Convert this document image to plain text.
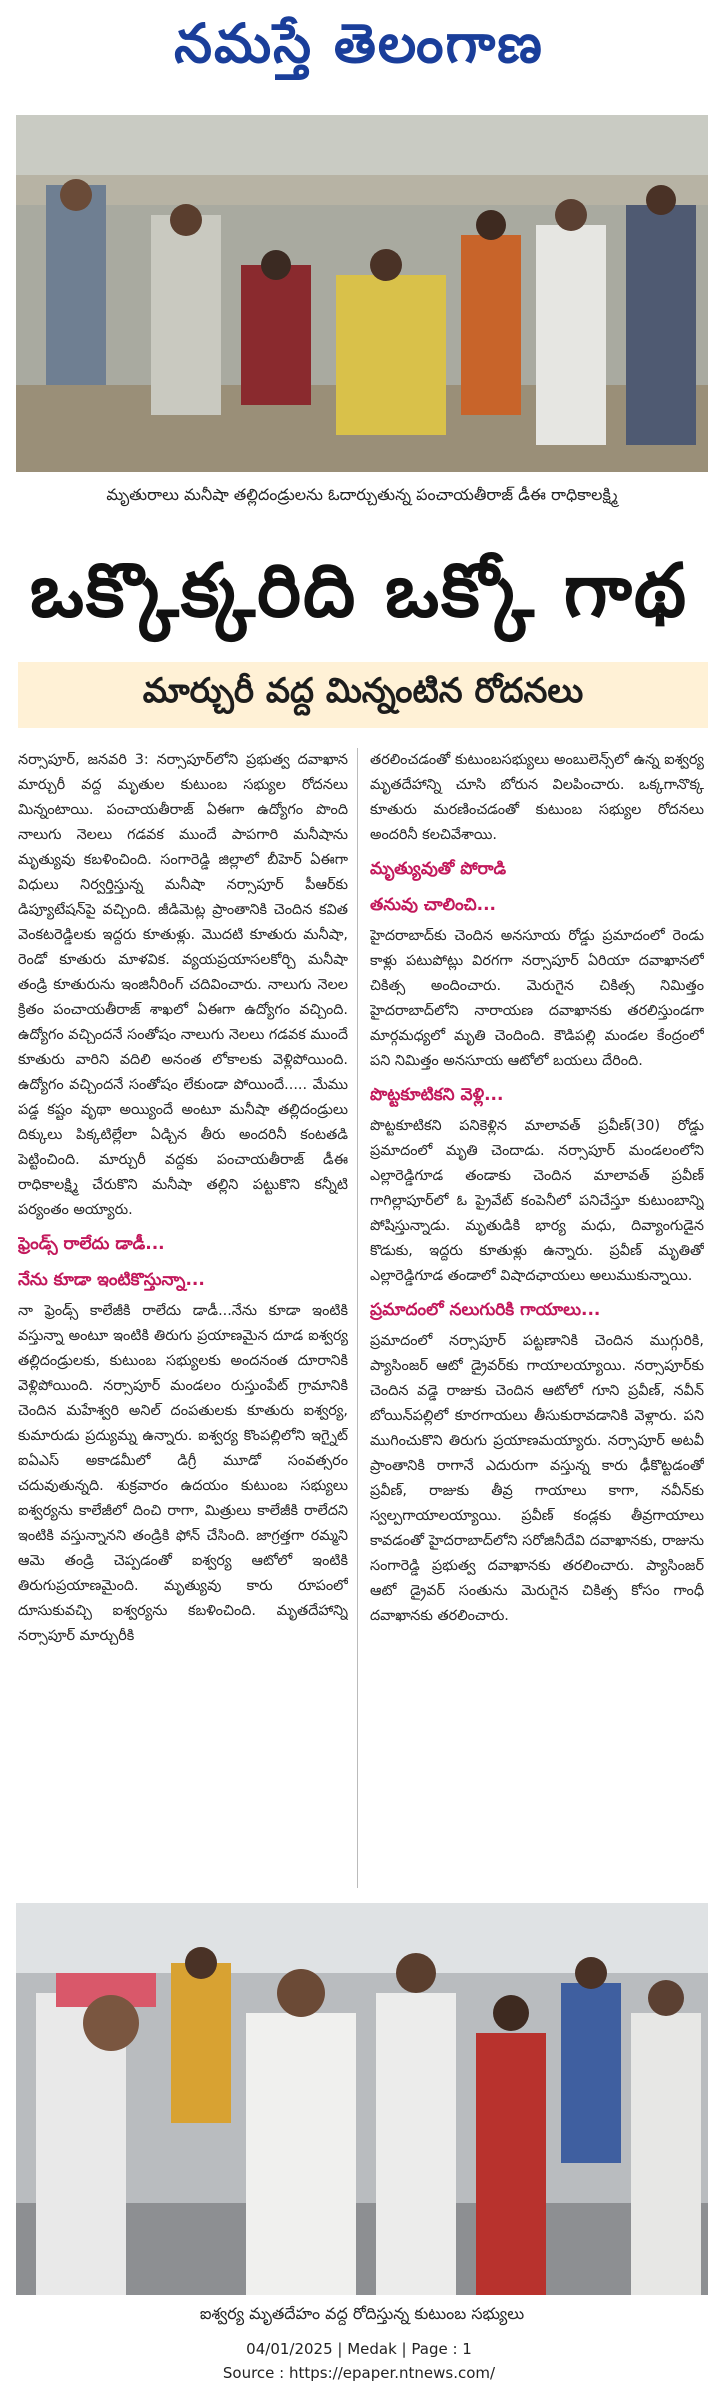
నమస్తే తెలంగాణ
మృతురాలు మనీషా తల్లిదండ్రులను ఓదార్చుతున్న పంచాయతీరాజ్ డీఈ రాధికాలక్ష్మి
ఒక్కొక్కరిది ఒక్కో గాథ
మార్చురీ వద్ద మిన్నంటిన రోదనలు

నర్సాపూర్, జనవరి 3: నర్సాపూర్‌లోని ప్రభుత్వ దవాఖాన మార్చురీ వద్ద మృతుల కుటుంబ సభ్యుల రోదనలు మిన్నంటాయి. పంచాయతీరాజ్ ఏఈగా ఉద్యోగం పొంది నాలుగు నెలలు గడవక ముందే పాపగారి మనీషాను మృత్యువు కబళించింది. సంగారెడ్డి జిల్లాలో బీహెర్ ఏఈగా విధులు నిర్వర్తిస్తున్న మనీషా నర్సాపూర్ పీఆర్‌కు డిప్యూటేషన్‌పై వచ్చింది. జీడిమెట్ల ప్రాంతానికి చెందిన కవిత వెంకటరెడ్డిలకు ఇద్దరు కూతుళ్లు. మొదటి కూతురు మనీషా, రెండో కూతురు మాళవిక. వ్యయప్రయాసలకోర్చి మనీషా తండ్రి కూతురును ఇంజినీరింగ్ చదివించారు. నాలుగు నెలల క్రితం పంచాయతీరాజ్ శాఖలో ఏఈగా ఉద్యోగం వచ్చింది. ఉద్యోగం వచ్చిందనే సంతోషం నాలుగు నెలలు గడవక ముందే కూతురు వారిని వదిలి అనంత లోకాలకు వెళ్లిపోయింది. ఉద్యోగం వచ్చిందనే సంతోషం లేకుండా పోయిందే..... మేము పడ్డ కష్టం వృథా అయ్యిందే అంటూ మనీషా తల్లిదండ్రులు దిక్కులు పిక్కటిల్లేలా ఏడ్చిన తీరు అందరినీ కంటతడి పెట్టించింది. మార్చురీ వద్దకు పంచాయతీరాజ్ డీఈ రాధికాలక్ష్మి చేరుకొని మనీషా తల్లిని పట్టుకొని కన్నీటి పర్యంతం అయ్యారు.

ఫ్రెండ్స్ రాలేదు డాడీ...

నేను కూడా ఇంటికొస్తున్నా...

నా ఫ్రెండ్స్ కాలేజీకి రాలేదు డాడీ...నేను కూడా ఇంటికి వస్తున్నా అంటూ ఇంటికి తిరుగు ప్రయాణమైన దూడ ఐశ్వర్య తల్లిదండ్రులకు, కుటుంబ సభ్యులకు అందనంత దూరానికి వెళ్లిపోయింది. నర్సాపూర్ మండలం రుస్తుంపేట్ గ్రామానికి చెందిన మహేశ్వరి అనిల్ దంపతులకు కూతురు ఐశ్వర్య, కుమారుడు ప్రద్యుమ్న ఉన్నారు. ఐశ్వర్య కొంపల్లిలోని ఇగ్నైట్ ఐఏఎస్ అకాడమీలో డిగ్రీ మూడో సంవత్సరం చదువుతున్నది. శుక్రవారం ఉదయం కుటుంబ సభ్యులు ఐశ్వర్యను కాలేజీలో దించి రాగా, మిత్రులు కాలేజీకి రాలేదని ఇంటికి వస్తున్నానని తండ్రికి ఫోన్ చేసింది. జాగ్రత్తగా రమ్మని ఆమె తండ్రి చెప్పడంతో ఐశ్వర్య ఆటోలో ఇంటికి తిరుగుప్రయాణమైంది. మృత్యువు కారు రూపంలో దూసుకువచ్చి ఐశ్వర్యను కబళించింది. మృతదేహాన్ని నర్సాపూర్ మార్చురీకి

తరలించడంతో కుటుంబసభ్యులు అంబులెన్స్‌లో ఉన్న ఐశ్వర్య మృతదేహాన్ని చూసి బోరున విలపించారు. ఒక్కగానొక్క కూతురు మరణించడంతో కుటుంబ సభ్యుల రోదనలు అందరినీ కలచివేశాయి.

మృత్యువుతో పోరాడి

తనువు చాలించి...

హైదరాబాద్‌కు చెందిన అనసూయ రోడ్డు ప్రమాదంలో రెండు కాళ్లు పటుపోట్లు విరగగా నర్సాపూర్ ఏరియా దవాఖానలో చికిత్స అందించారు. మెరుగైన చికిత్స నిమిత్తం హైదరాబాద్‌లోని నారాయణ దవాఖానకు తరలిస్తుండగా మార్గమధ్యలో మృతి చెందింది. కౌడిపల్లి మండల కేంద్రంలో పని నిమిత్తం అనసూయ ఆటోలో బయలు దేరింది.

పొట్టకూటికని వెళ్లి...

పొట్టకూటికని పనికెళ్లిన మాలావత్ ప్రవీణ్(30) రోడ్డు ప్రమాదంలో మృతి చెందాడు. నర్సాపూర్ మండలంలోని ఎల్లారెడ్డిగూడ తండాకు చెందిన మాలావత్ ప్రవీణ్ గాగిల్లాపూర్‌లో ఓ ప్రైవేట్ కంపెనీలో పనిచేస్తూ కుటుంబాన్ని పోషిస్తున్నాడు. మృతుడికి భార్య మధు, దివ్యాంగుడైన కొడుకు, ఇద్దరు కూతుళ్లు ఉన్నారు. ప్రవీణ్ మృతితో ఎల్లారెడ్డిగూడ తండాలో విషాదఛాయలు అలుముకున్నాయి.

ప్రమాదంలో నలుగురికి గాయాలు...

ప్రమాదంలో నర్సాపూర్ పట్టణానికి చెందిన ముగ్గురికి, ప్యాసింజర్ ఆటో డ్రైవర్‌కు గాయాలయ్యాయి. నర్సాపూర్‌కు చెందిన వడ్డె రాజుకు చెందిన ఆటోలో గూని ప్రవీణ్, నవీన్ బోయిన్‌పల్లిలో కూరగాయలు తీసుకురావడానికి వెళ్లారు. పని ముగించుకొని తిరుగు ప్రయాణమయ్యారు. నర్సాపూర్ అటవీ ప్రాంతానికి రాగానే ఎదురుగా వస్తున్న కారు ఢీకొట్టడంతో ప్రవీణ్, రాజుకు తీవ్ర గాయాలు కాగా, నవీన్‌కు స్వల్పగాయాలయ్యాయి. ప్రవీణ్ కండ్లకు తీవ్రగాయాలు కావడంతో హైదరాబాద్‌లోని సరోజినీదేవి దవాఖానకు, రాజును సంగారెడ్డి ప్రభుత్వ దవాఖానకు తరలించారు. ప్యాసింజర్ ఆటో డ్రైవర్ సంతును మెరుగైన చికిత్స కోసం గాంధీ దవాఖానకు తరలించారు.

ఐశ్వర్య మృతదేహం వద్ద రోదిస్తున్న కుటుంబ సభ్యులు
04/01/2025 | Medak | Page : 1
Source : https://epaper.ntnews.com/
